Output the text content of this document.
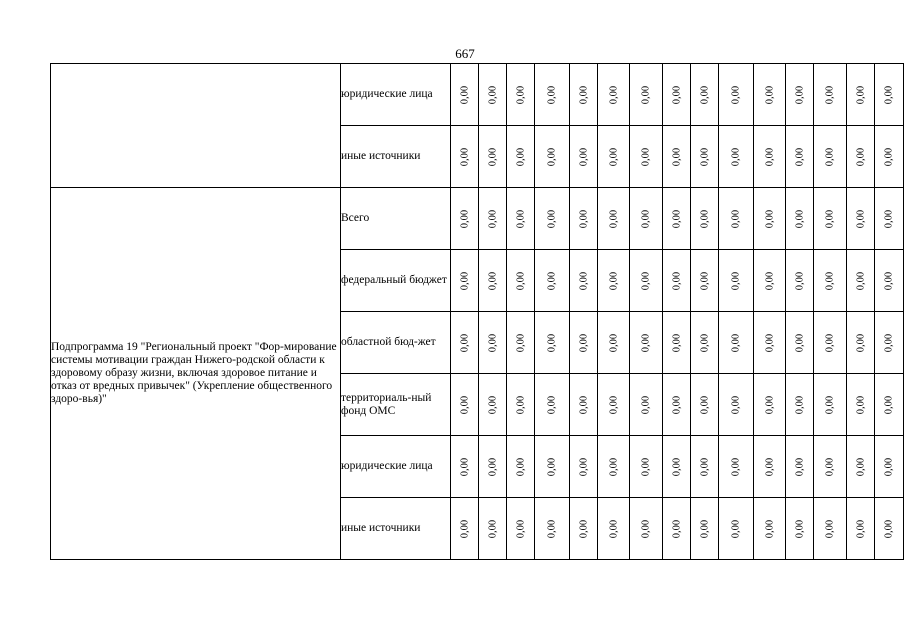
667
	юридические лица	0,00	0,00	0,00	0,00	0,00	0,00	0,00	0,00	0,00	0,00	0,00	0,00	0,00	0,00	0,00

	иные источники	0,00	0,00	0,00	0,00	0,00	0,00	0,00	0,00	0,00	0,00	0,00	0,00	0,00	0,00	0,00

Подпрограмма 19 "Региональный проект "Фор-мирование системы мотивации граждан Нижего-родской области к здоровому образу жизни, включая здоровое питание и отказ от вредных привычек" (Укрепление общественного здоро-вья)"	Всего	0,00	0,00	0,00	0,00	0,00	0,00	0,00	0,00	0,00	0,00	0,00	0,00	0,00	0,00	0,00

	федеральный бюджет	0,00	0,00	0,00	0,00	0,00	0,00	0,00	0,00	0,00	0,00	0,00	0,00	0,00	0,00	0,00

	областной бюд-жет	0,00	0,00	0,00	0,00	0,00	0,00	0,00	0,00	0,00	0,00	0,00	0,00	0,00	0,00	0,00

	территориаль-ный фонд ОМС	0,00	0,00	0,00	0,00	0,00	0,00	0,00	0,00	0,00	0,00	0,00	0,00	0,00	0,00	0,00

	юридические лица	0,00	0,00	0,00	0,00	0,00	0,00	0,00	0,00	0,00	0,00	0,00	0,00	0,00	0,00	0,00

	иные источники	0,00	0,00	0,00	0,00	0,00	0,00	0,00	0,00	0,00	0,00	0,00	0,00	0,00	0,00	0,00
